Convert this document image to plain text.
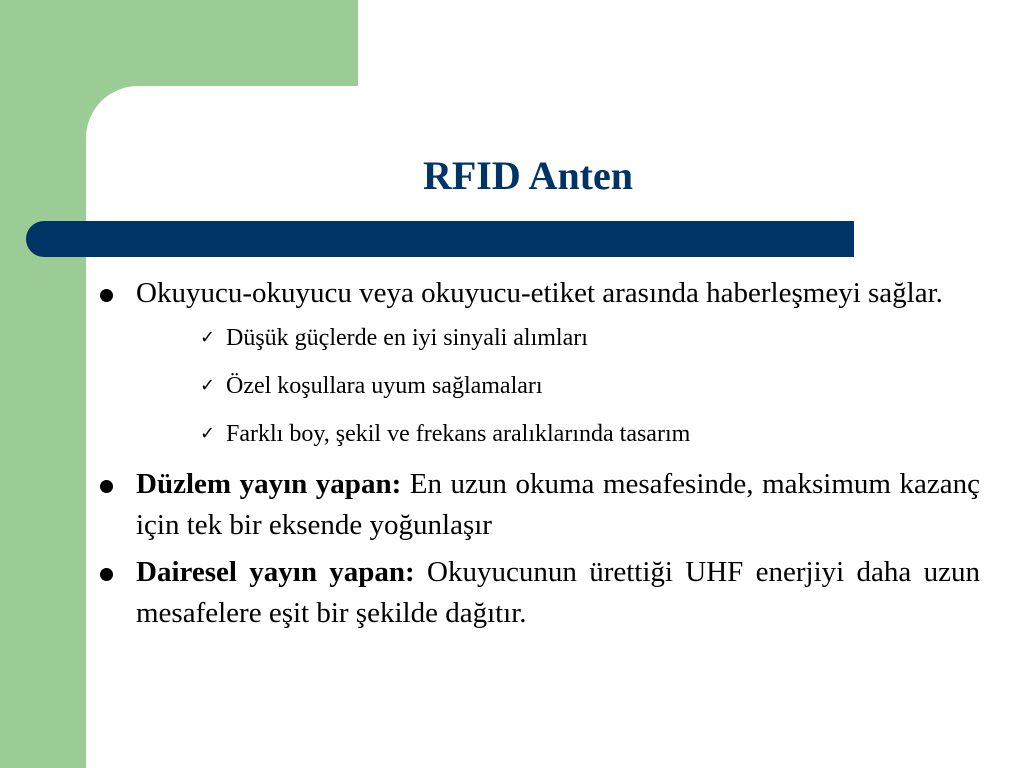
RFID Anten
Okuyucu-okuyucu veya okuyucu-etiket arasında haberleşmeyi sağlar.
✓ Düşük güçlerde en iyi sinyali alımları
✓ Özel koşullara uyum sağlamaları
✓ Farklı boy, şekil ve frekans aralıklarında tasarım
Düzlem yayın yapan: En uzun okuma mesafesinde, maksimum kazanç için tek bir eksende yoğunlaşır
Dairesel yayın yapan: Okuyucunun ürettiği UHF enerjiyi daha uzun mesafelere eşit bir şekilde dağıtır.
